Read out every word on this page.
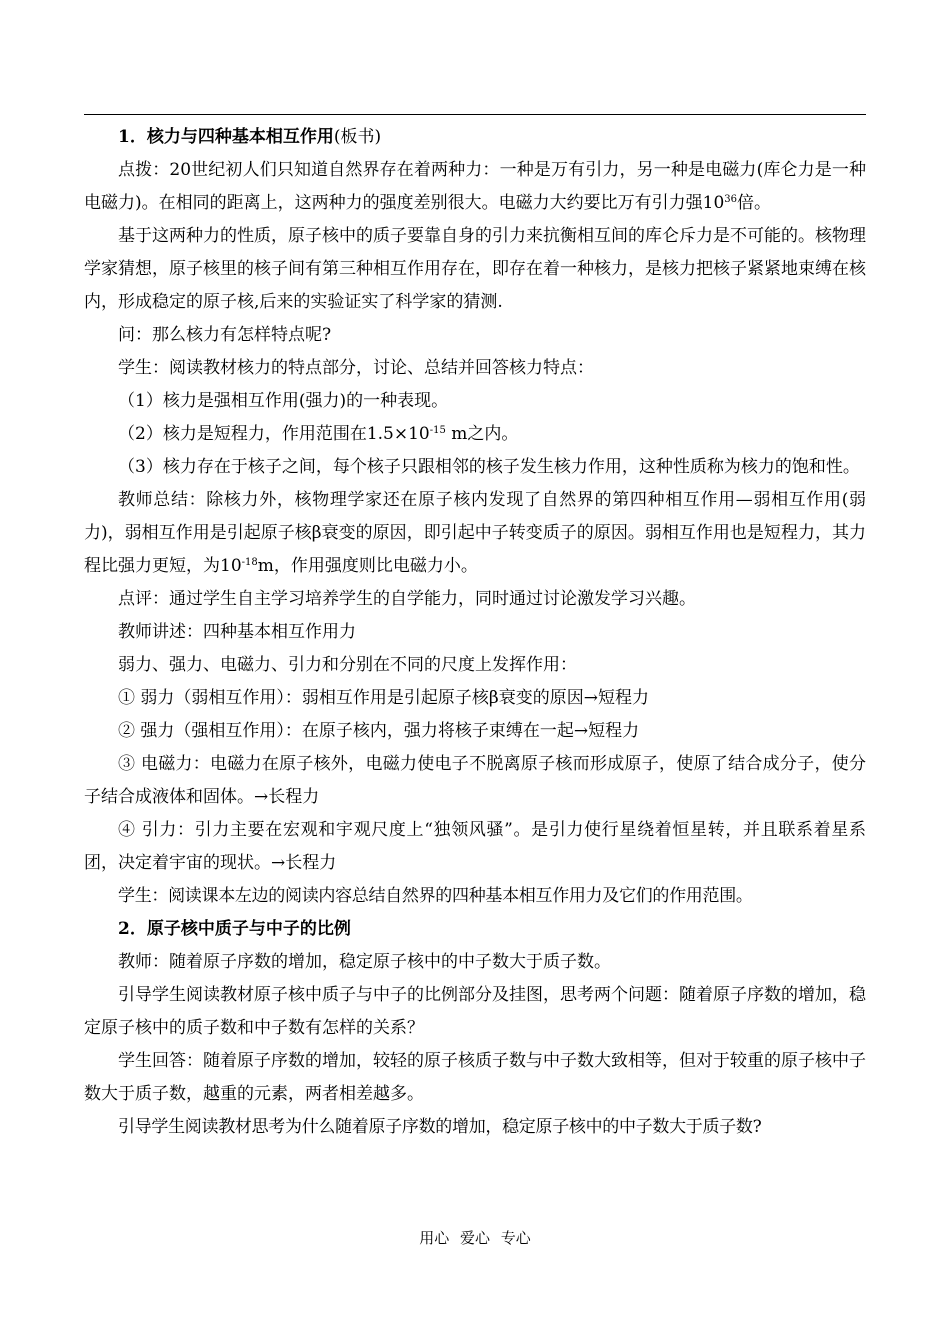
1．核力与四种基本相互作用(板书)

点拨：20世纪初人们只知道自然界存在着两种力：一种是万有引力，另一种是电磁力(库仑力是一种电磁力)。在相同的距离上，这两种力的强度差别很大。电磁力大约要比万有引力强$10^{36}$倍。

基于这两种力的性质，原子核中的质子要靠自身的引力来抗衡相互间的库仑斥力是不可能的。核物理学家猜想，原子核里的核子间有第三种相互作用存在，即存在着一种核力，是核力把核子紧紧地束缚在核内，形成稳定的原子核,后来的实验证实了科学家的猜测.

问：那么核力有怎样特点呢?

学生：阅读教材核力的特点部分，讨论、总结并回答核力特点：

（1）核力是强相互作用(强力)的一种表现。

（2）核力是短程力，作用范围在$1.5\times 10^{-15}$ m之内。

（3）核力存在于核子之间，每个核子只跟相邻的核子发生核力作用，这种性质称为核力的饱和性。

教师总结：除核力外，核物理学家还在原子核内发现了自然界的第四种相互作用—弱相互作用(弱力)，弱相互作用是引起原子核β衰变的原因，即引起中子转变质子的原因。弱相互作用也是短程力，其力程比强力更短，为$10^{-18}m$，作用强度则比电磁力小。

点评：通过学生自主学习培养学生的自学能力，同时通过讨论激发学习兴趣。

教师讲述：四种基本相互作用力

弱力、强力、电磁力、引力和分别在不同的尺度上发挥作用：

① 弱力（弱相互作用）：弱相互作用是引起原子核β衰变的原因→短程力

② 强力（强相互作用）：在原子核内，强力将核子束缚在一起→短程力

③ 电磁力：电磁力在原子核外，电磁力使电子不脱离原子核而形成原子，使原了结合成分子，使分子结合成液体和固体。→长程力

④ 引力：引力主要在宏观和宇观尺度上“独领风骚”。是引力使行星绕着恒星转，并且联系着星系团，决定着宇宙的现状。→长程力

学生：阅读课本左边的阅读内容总结自然界的四种基本相互作用力及它们的作用范围。

2．原子核中质子与中子的比例

教师：随着原子序数的增加，稳定原子核中的中子数大于质子数。

引导学生阅读教材原子核中质子与中子的比例部分及挂图，思考两个问题：随着原子序数的增加，稳定原子核中的质子数和中子数有怎样的关系？

学生回答：随着原子序数的增加，较轻的原子核质子数与中子数大致相等，但对于较重的原子核中子数大于质子数，越重的元素，两者相差越多。

引导学生阅读教材思考为什么随着原子序数的增加，稳定原子核中的中子数大于质子数?

用心 爱心 专心
